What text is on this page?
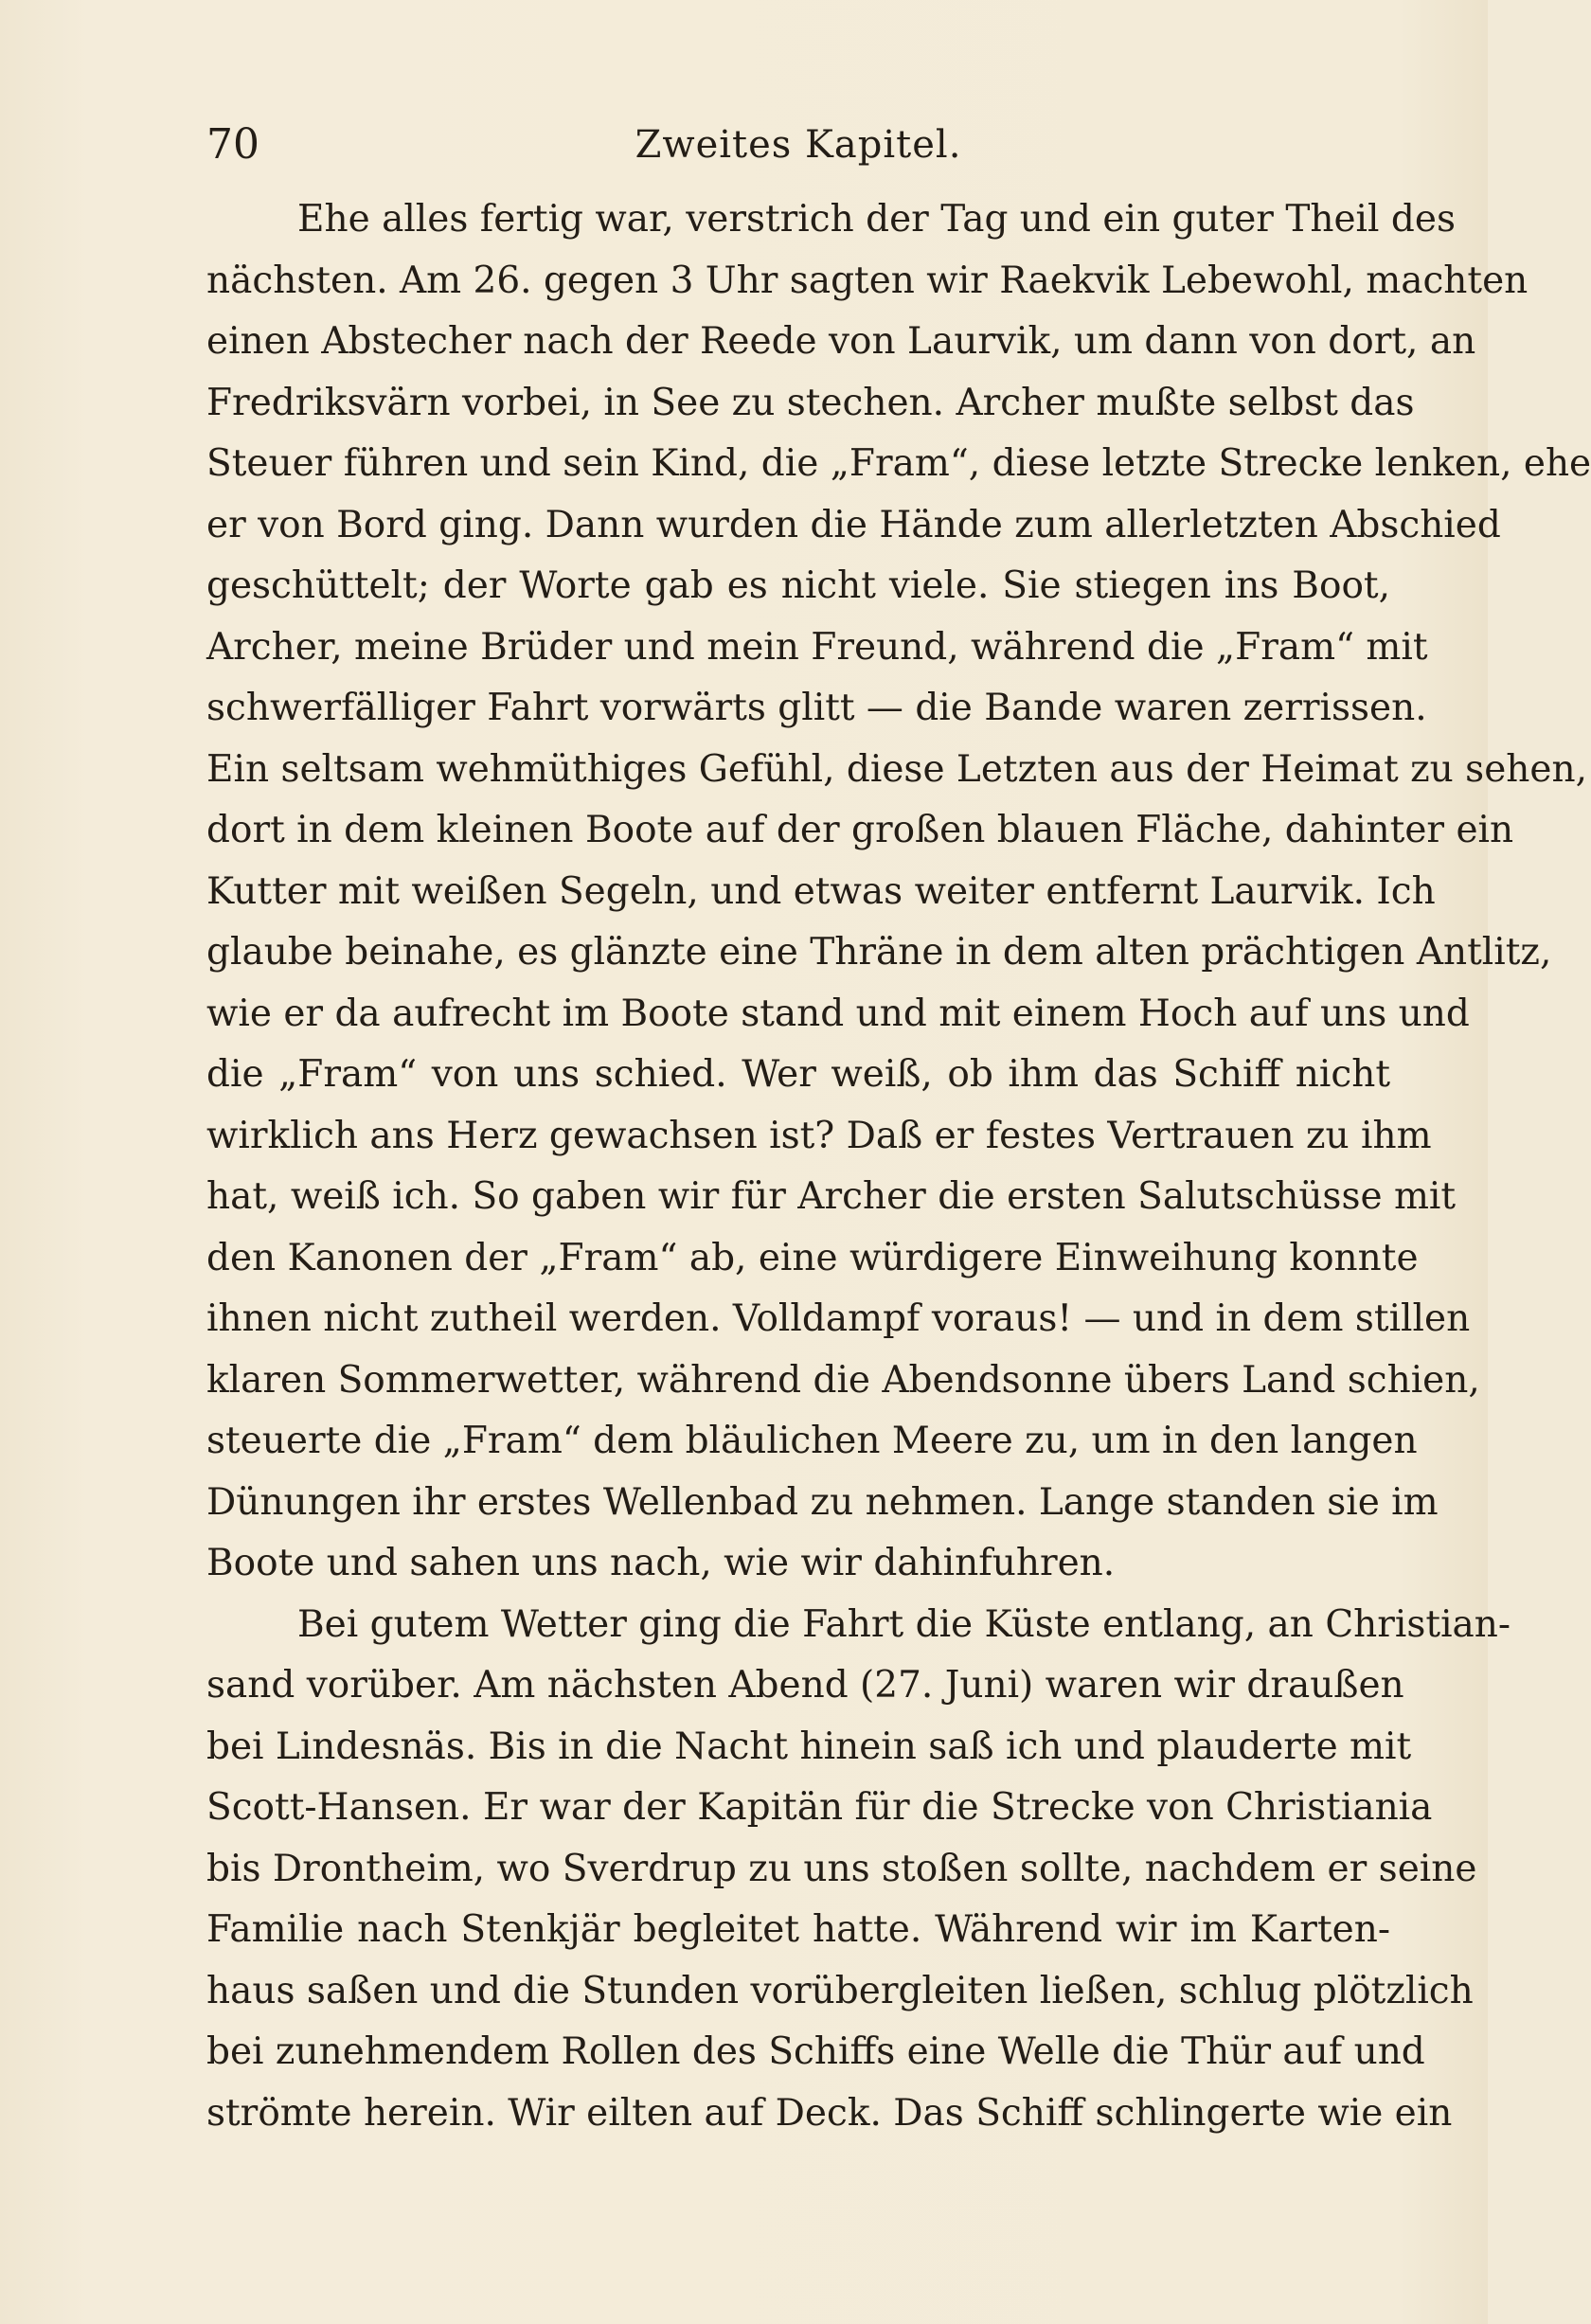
70	Zweites Kapitel.
Ehe alles fertig war, verstrich der Tag und ein guter Theil des
nächsten. Am 26. gegen 3 Uhr sagten wir Raekvik Lebewohl, machten
einen Abstecher nach der Reede von Laurvik, um dann von dort, an
Fredriksvärn vorbei, in See zu stechen. Archer mußte selbst das
Steuer führen und sein Kind, die „Fram“, diese letzte Strecke lenken, ehe
er von Bord ging. Dann wurden die Hände zum allerletzten Abschied
geschüttelt; der Worte gab es nicht viele. Sie stiegen ins Boot,
Archer, meine Brüder und mein Freund, während die „Fram“ mit
schwerfälliger Fahrt vorwärts glitt — die Bande waren zerrissen.
Ein seltsam wehmüthiges Gefühl, diese Letzten aus der Heimat zu sehen,
dort in dem kleinen Boote auf der großen blauen Fläche, dahinter ein
Kutter mit weißen Segeln, und etwas weiter entfernt Laurvik. Ich
glaube beinahe, es glänzte eine Thräne in dem alten prächtigen Antlitz,
wie er da aufrecht im Boote stand und mit einem Hoch auf uns und
die „Fram“ von uns schied. Wer weiß, ob ihm das Schiff nicht
wirklich ans Herz gewachsen ist? Daß er festes Vertrauen zu ihm
hat, weiß ich. So gaben wir für Archer die ersten Salutschüsse mit
den Kanonen der „Fram“ ab, eine würdigere Einweihung konnte
ihnen nicht zutheil werden. Volldampf voraus! — und in dem stillen
klaren Sommerwetter, während die Abendsonne übers Land schien,
steuerte die „Fram“ dem bläulichen Meere zu, um in den langen
Dünungen ihr erstes Wellenbad zu nehmen. Lange standen sie im
Boote und sahen uns nach, wie wir dahinfuhren.
Bei gutem Wetter ging die Fahrt die Küste entlang, an Christian-
sand vorüber. Am nächsten Abend (27. Juni) waren wir draußen
bei Lindesnäs. Bis in die Nacht hinein saß ich und plauderte mit
Scott-Hansen. Er war der Kapitän für die Strecke von Christiania
bis Drontheim, wo Sverdrup zu uns stoßen sollte, nachdem er seine
Familie nach Stenkjär begleitet hatte. Während wir im Karten-
haus saßen und die Stunden vorübergleiten ließen, schlug plötzlich
bei zunehmendem Rollen des Schiffs eine Welle die Thür auf und
strömte herein. Wir eilten auf Deck. Das Schiff schlingerte wie ein
